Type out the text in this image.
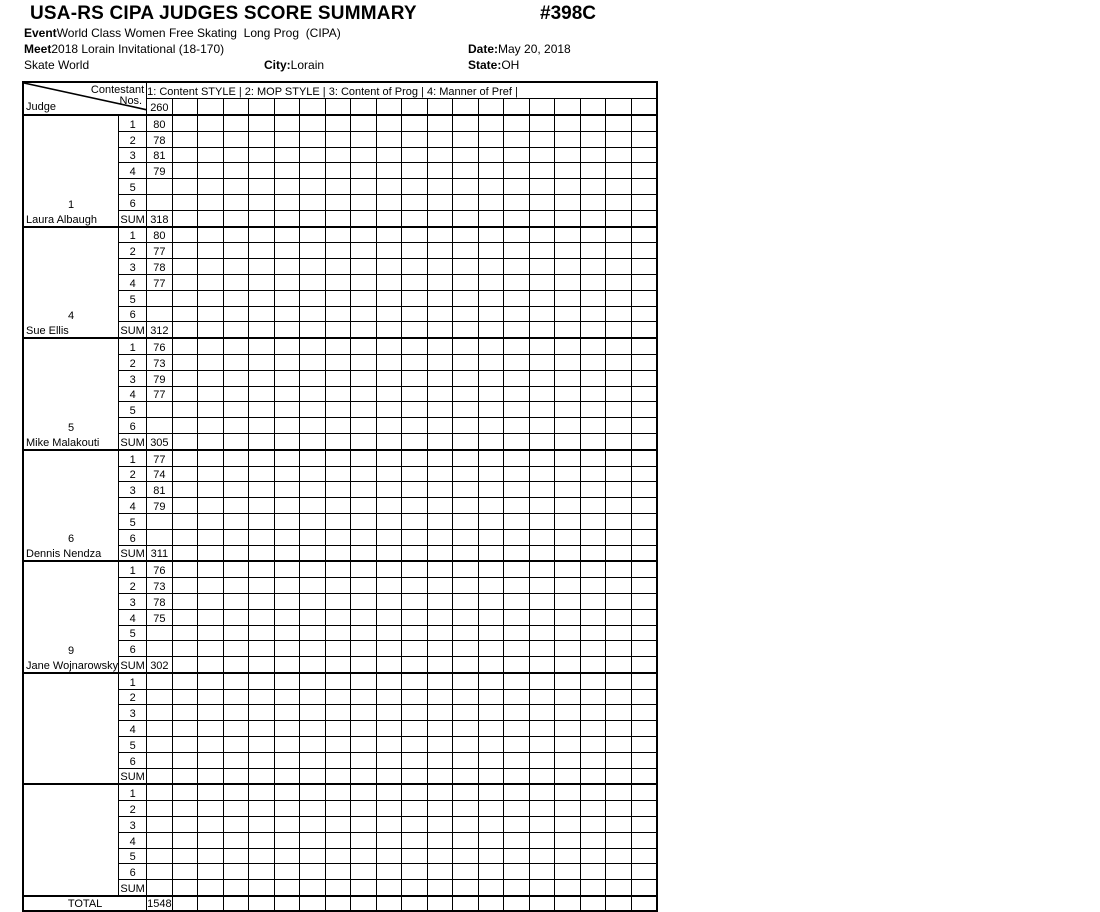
USA-RS CIPA JUDGES SCORE SUMMARY	#398C
EventWorld Class Women Free Skating  Long Prog  (CIPA)
Meet2018 Lorain Invitational (18-170)	Date:May 20, 2018
Skate World	City:Lorain	State:OH
Contestant
Nos.
Judge		1: Content STYLE | 2: MOP STYLE | 3: Content of Prog | 4: Manner of Pref |																			
		260																			

1
Laura Albaugh	1	80																			
	2	78																			
	3	81																			
	4	79																			
	5																				
	6																				
	SUM	318																			

4
Sue Ellis	1	80																			
	2	77																			
	3	78																			
	4	77																			
	5																				
	6																				
	SUM	312																			

5
Mike Malakouti	1	76																			
	2	73																			
	3	79																			
	4	77																			
	5																				
	6																				
	SUM	305																			

6
Dennis Nendza	1	77																			
	2	74																			
	3	81																			
	4	79																			
	5																				
	6																				
	SUM	311																			

9
Jane Wojnarowsky	1	76																			
	2	73																			
	3	78																			
	4	75																			
	5																				
	6																				
	SUM	302																			

	1																				
	2																				
	3																				
	4																				
	5																				
	6																				
	SUM																				

	1																				
	2																				
	3																				
	4																				
	5																				
	6																				
	SUM																				
TOTAL		1548																			
